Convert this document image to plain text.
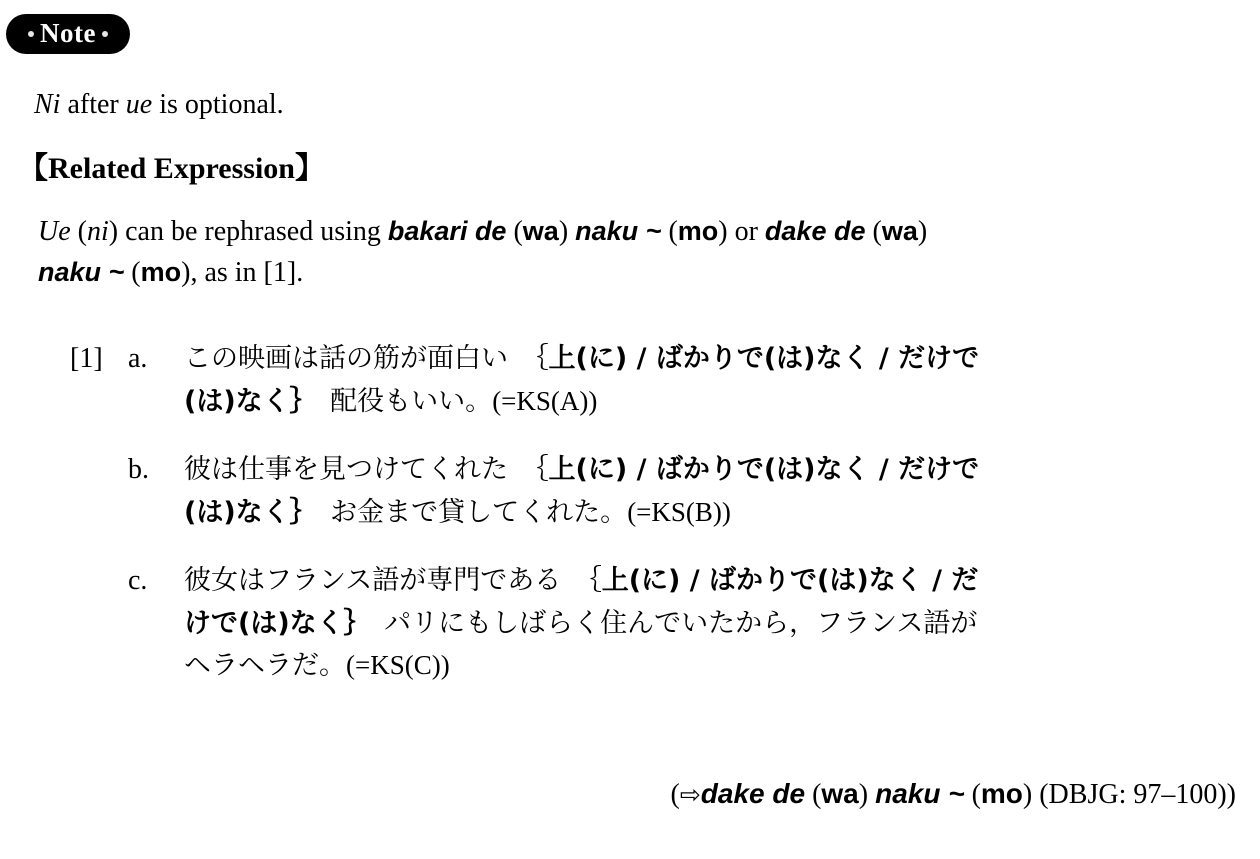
Note
Ni after ue is optional.
【Related Expression】
Ue (ni) can be rephrased using bakari de (wa) naku ~ (mo) or dake de (wa)
naku ~ (mo), as in [1].
[1] a.	この映画は話の筋が面白い　｛上(に) / ばかりで(は)なく / だけで
(は)なく｝　配役もいい。(=KS(A))
b.	彼は仕事を見つけてくれた　｛上(に) / ばかりで(は)なく / だけで
(は)なく｝　お金まで貸してくれた。(=KS(B))
c.	彼女はフランス語が専門である　｛上(に) / ばかりで(は)なく / だ
けで(は)なく｝　パリにもしばらく住んでいたから，フランス語が
ヘラヘラだ。(=KS(C))
(⇨dake de (wa) naku ~ (mo) (DBJG: 97–100))
